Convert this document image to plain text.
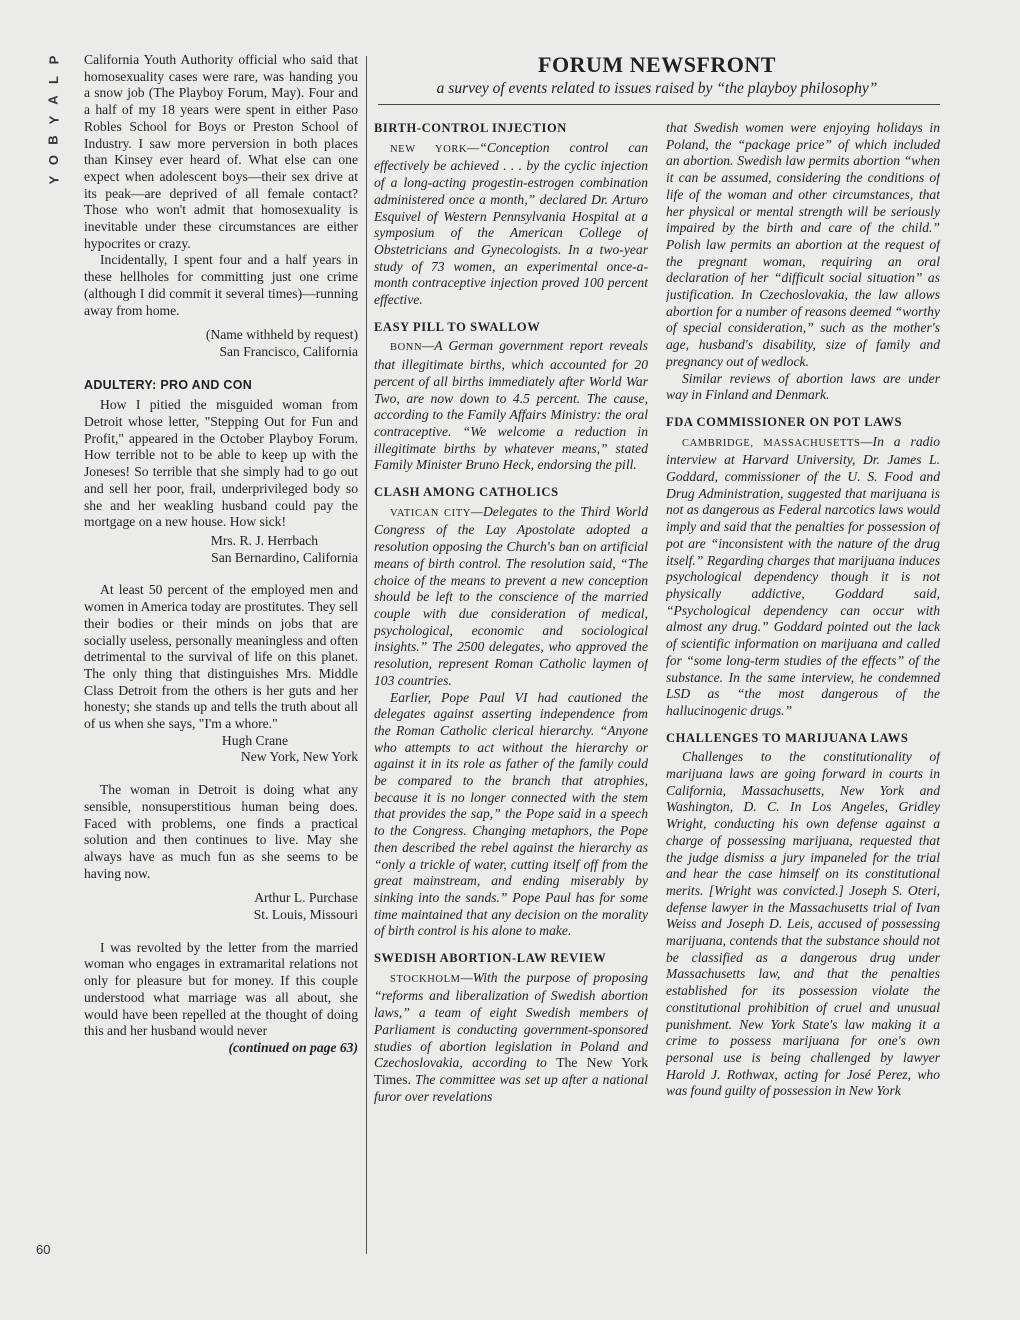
P
L
A
Y
B
O
Y
60

California Youth Authority official who said that homosexuality cases were rare, was handing you a snow job (The Playboy Forum, May). Four and a half of my 18 years were spent in either Paso Robles School for Boys or Preston School of Industry. I saw more perversion in both places than Kinsey ever heard of. What else can one expect when adolescent boys—their sex drive at its peak—are deprived of all female contact? Those who won't admit that homosexuality is inevitable under these circumstances are either hypocrites or crazy.

Incidentally, I spent four and a half years in these hellholes for committing just one crime (although I did commit it several times)—running away from home.

(Name withheld by request)
San Francisco, California
ADULTERY: PRO AND CON

How I pitied the misguided woman from Detroit whose letter, "Stepping Out for Fun and Profit," appeared in the October Playboy Forum. How terrible not to be able to keep up with the Joneses! So terrible that she simply had to go out and sell her poor, frail, underprivileged body so she and her weakling husband could pay the mortgage on a new house. How sick!

Mrs. R. J. Herrbach
San Bernardino, California

At least 50 percent of the employed men and women in America today are prostitutes. They sell their bodies or their minds on jobs that are socially useless, personally meaningless and often detrimental to the survival of life on this planet. The only thing that distinguishes Mrs. Middle Class Detroit from the others is her guts and her honesty; she stands up and tells the truth about all of us when she says, "I'm a whore."

Hugh Crane
New York, New York

The woman in Detroit is doing what any sensible, nonsuperstitious human being does. Faced with problems, one finds a practical solution and then continues to live. May she always have as much fun as she seems to be having now.

Arthur L. Purchase
St. Louis, Missouri

I was revolted by the letter from the married woman who engages in extramarital relations not only for pleasure but for money. If this couple understood what marriage was all about, she would have been repelled at the thought of doing this and her husband would never

(continued on page 63)
FORUM NEWSFRONT
a survey of events related to issues raised by “the playboy philosophy”
BIRTH-CONTROL INJECTION

NEW YORK—“Conception control can effectively be achieved . . . by the cyclic injection of a long-acting progestin-estrogen combination administered once a month,” declared Dr. Arturo Esquivel of Western Pennsylvania Hospital at a symposium of the American College of Obstetricians and Gynecologists. In a two-year study of 73 women, an experimental once-a-month contraceptive injection proved 100 percent effective.

EASY PILL TO SWALLOW

BONN—A German government report reveals that illegitimate births, which accounted for 20 percent of all births immediately after World War Two, are now down to 4.5 percent. The cause, according to the Family Affairs Ministry: the oral contraceptive. “We welcome a reduction in illegitimate births by whatever means,” stated Family Minister Bruno Heck, endorsing the pill.

CLASH AMONG CATHOLICS

VATICAN CITY—Delegates to the Third World Congress of the Lay Apostolate adopted a resolution opposing the Church's ban on artificial means of birth control. The resolution said, “The choice of the means to prevent a new conception should be left to the conscience of the married couple with due consideration of medical, psychological, economic and sociological insights.” The 2500 delegates, who approved the resolution, represent Roman Catholic laymen of 103 countries.

Earlier, Pope Paul VI had cautioned the delegates against asserting independence from the Roman Catholic clerical hierarchy. “Anyone who attempts to act without the hierarchy or against it in its role as father of the family could be compared to the branch that atrophies, because it is no longer connected with the stem that provides the sap,” the Pope said in a speech to the Congress. Changing metaphors, the Pope then described the rebel against the hierarchy as “only a trickle of water, cutting itself off from the great mainstream, and ending miserably by sinking into the sands.” Pope Paul has for some time maintained that any decision on the morality of birth control is his alone to make.

SWEDISH ABORTION-LAW REVIEW

STOCKHOLM—With the purpose of proposing “reforms and liberalization of Swedish abortion laws,” a team of eight Swedish members of Parliament is conducting government-sponsored studies of abortion legislation in Poland and Czechoslovakia, according to The New York Times. The committee was set up after a national furor over revelations

that Swedish women were enjoying holidays in Poland, the “package price” of which included an abortion. Swedish law permits abortion “when it can be assumed, considering the conditions of life of the woman and other circumstances, that her physical or mental strength will be seriously impaired by the birth and care of the child.” Polish law permits an abortion at the request of the pregnant woman, requiring an oral declaration of her “difficult social situation” as justification. In Czechoslovakia, the law allows abortion for a number of reasons deemed “worthy of special consideration,” such as the mother's age, husband's disability, size of family and pregnancy out of wedlock.

Similar reviews of abortion laws are under way in Finland and Denmark.

FDA COMMISSIONER ON POT LAWS

CAMBRIDGE, MASSACHUSETTS—In a radio interview at Harvard University, Dr. James L. Goddard, commissioner of the U. S. Food and Drug Administration, suggested that marijuana is not as dangerous as Federal narcotics laws would imply and said that the penalties for possession of pot are “inconsistent with the nature of the drug itself.” Regarding charges that marijuana induces psychological dependency though it is not physically addictive, Goddard said, “Psychological dependency can occur with almost any drug.” Goddard pointed out the lack of scientific information on marijuana and called for “some long-term studies of the effects” of the substance. In the same interview, he condemned LSD as “the most dangerous of the hallucinogenic drugs.”

CHALLENGES TO MARIJUANA LAWS

Challenges to the constitutionality of marijuana laws are going forward in courts in California, Massachusetts, New York and Washington, D. C. In Los Angeles, Gridley Wright, conducting his own defense against a charge of possessing marijuana, requested that the judge dismiss a jury impaneled for the trial and hear the case himself on its constitutional merits. [Wright was convicted.] Joseph S. Oteri, defense lawyer in the Massachusetts trial of Ivan Weiss and Joseph D. Leis, accused of possessing marijuana, contends that the substance should not be classified as a dangerous drug under Massachusetts law, and that the penalties established for its possession violate the constitutional prohibition of cruel and unusual punishment. New York State's law making it a crime to possess marijuana for one's own personal use is being challenged by lawyer Harold J. Rothwax, acting for José Perez, who was found guilty of possession in New York
